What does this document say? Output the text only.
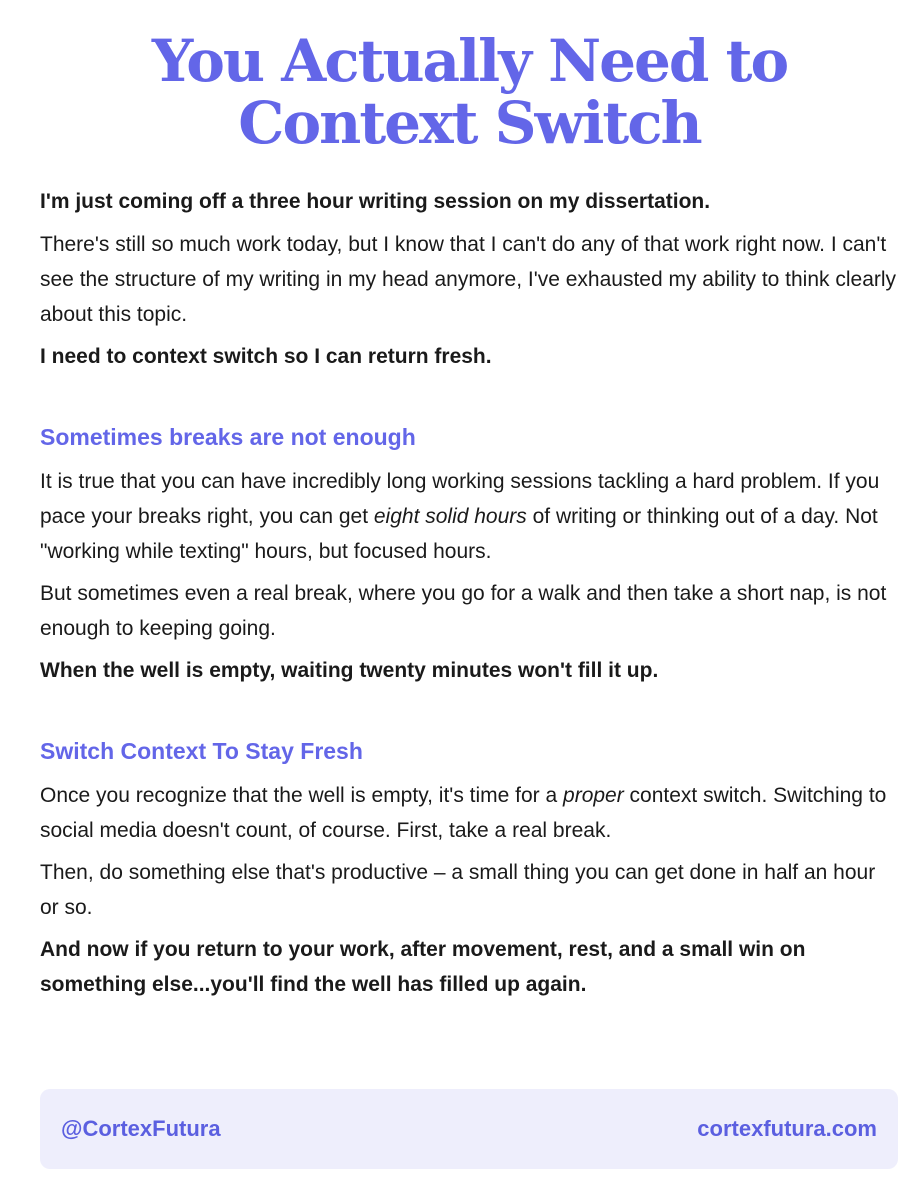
You Actually Need to Context Switch

I'm just coming off a three hour writing session on my dissertation.

There's still so much work today, but I know that I can't do any of that work right now. I can't see the structure of my writing in my head anymore, I've exhausted my ability to think clearly about this topic.

I need to context switch so I can return fresh.

Sometimes breaks are not enough

It is true that you can have incredibly long working sessions tackling a hard problem. If you pace your breaks right, you can get eight solid hours of writing or thinking out of a day. Not "working while texting" hours, but focused hours.

But sometimes even a real break, where you go for a walk and then take a short nap, is not enough to keeping going.

When the well is empty, waiting twenty minutes won't fill it up.

Switch Context To Stay Fresh

Once you recognize that the well is empty, it's time for a proper context switch. Switching to social media doesn't count, of course. First, take a real break.

Then, do something else that's productive – a small thing you can get done in half an hour or so.

And now if you return to your work, after movement, rest, and a small win on something else...you'll find the well has filled up again.

@CortexFutura	cortexfutura.com
